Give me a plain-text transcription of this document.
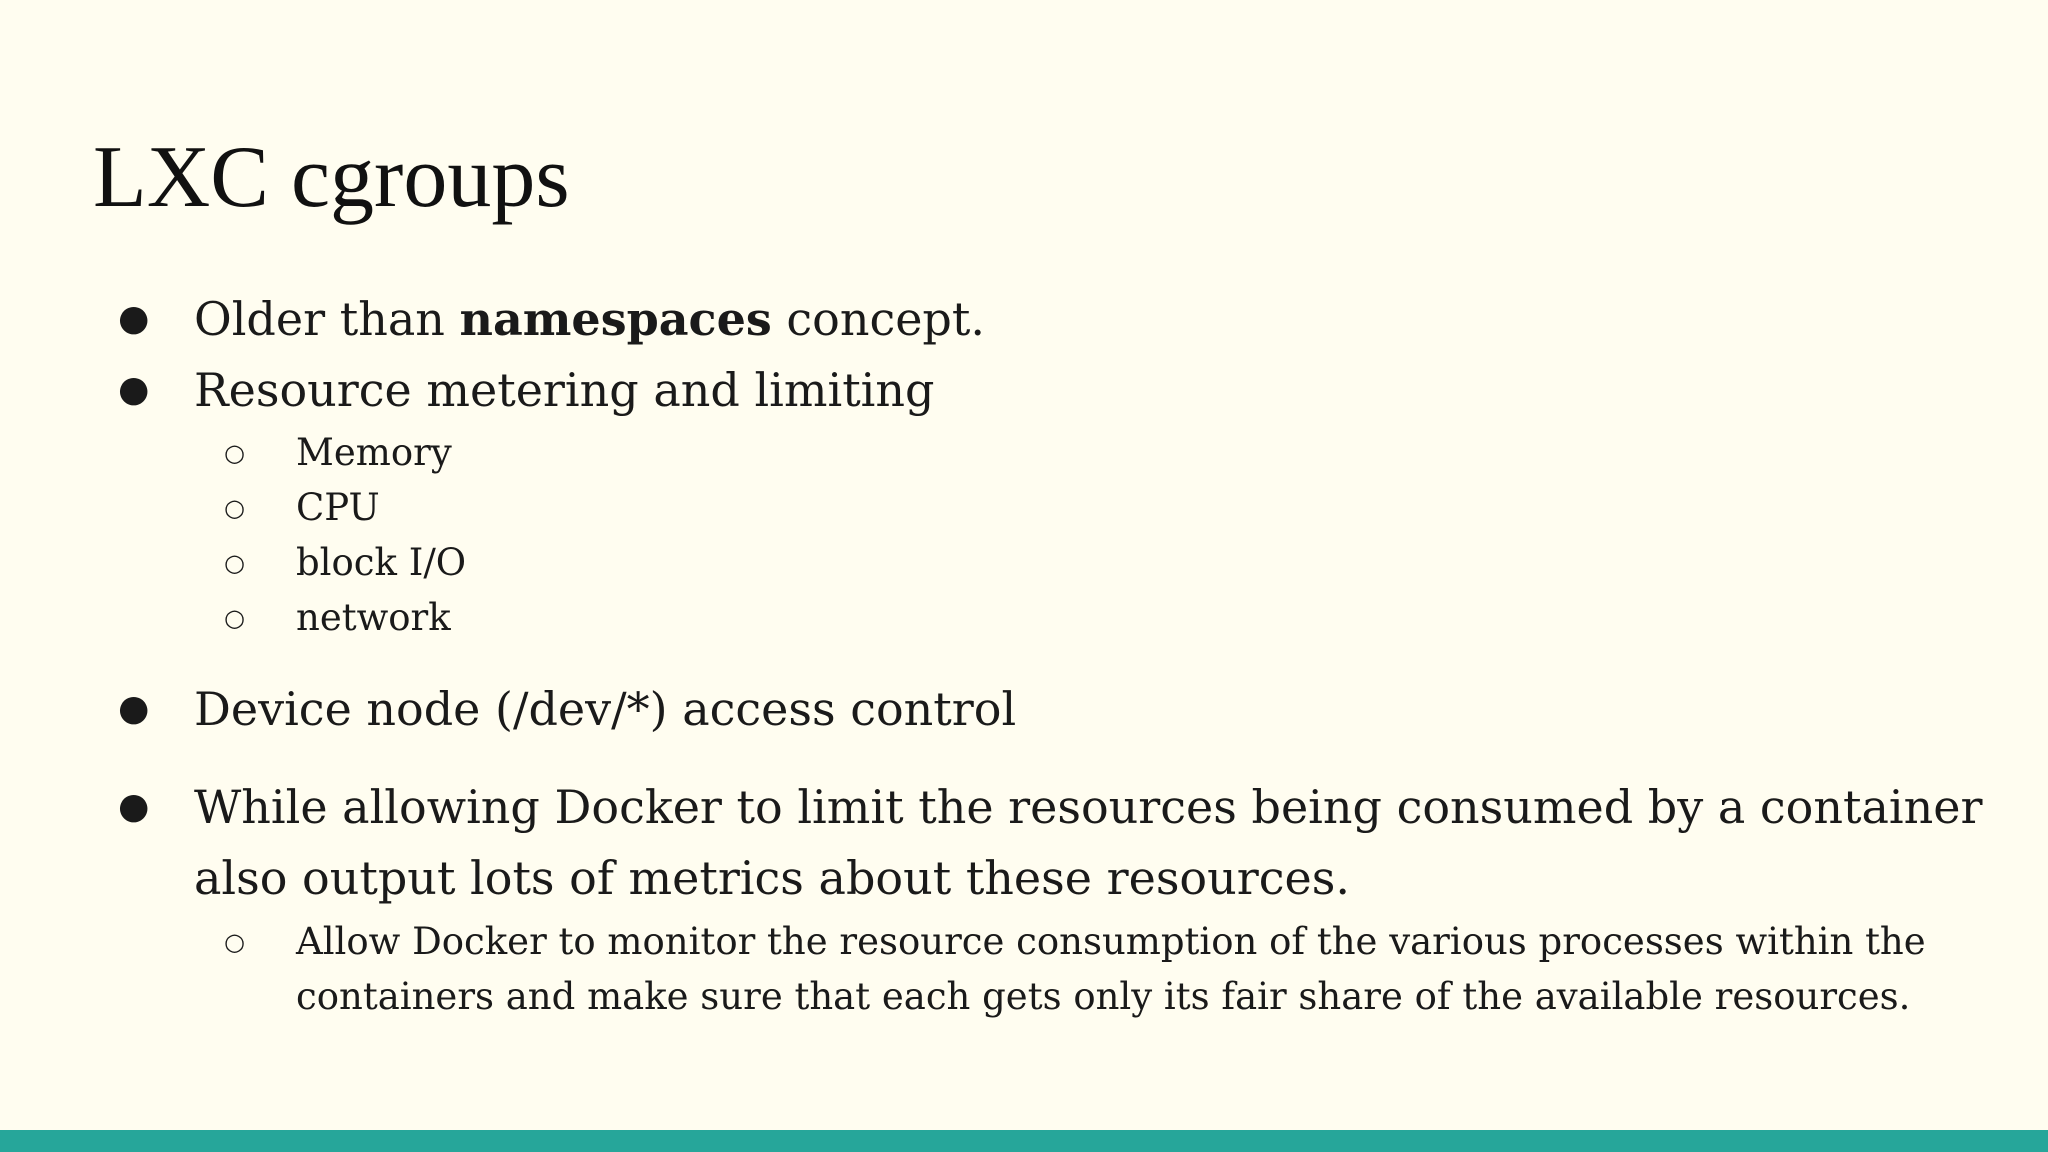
LXC cgroups
● Older than namespaces concept.

● Resource metering and limiting

○ Memory

○ CPU

○ block I/O

○ network

● Device node (/dev/*) access control

● While allowing Docker to limit the resources being consumed by a container

also output lots of metrics about these resources.

○ Allow Docker to monitor the resource consumption of the various processes within the

containers and make sure that each gets only its fair share of the available resources.
